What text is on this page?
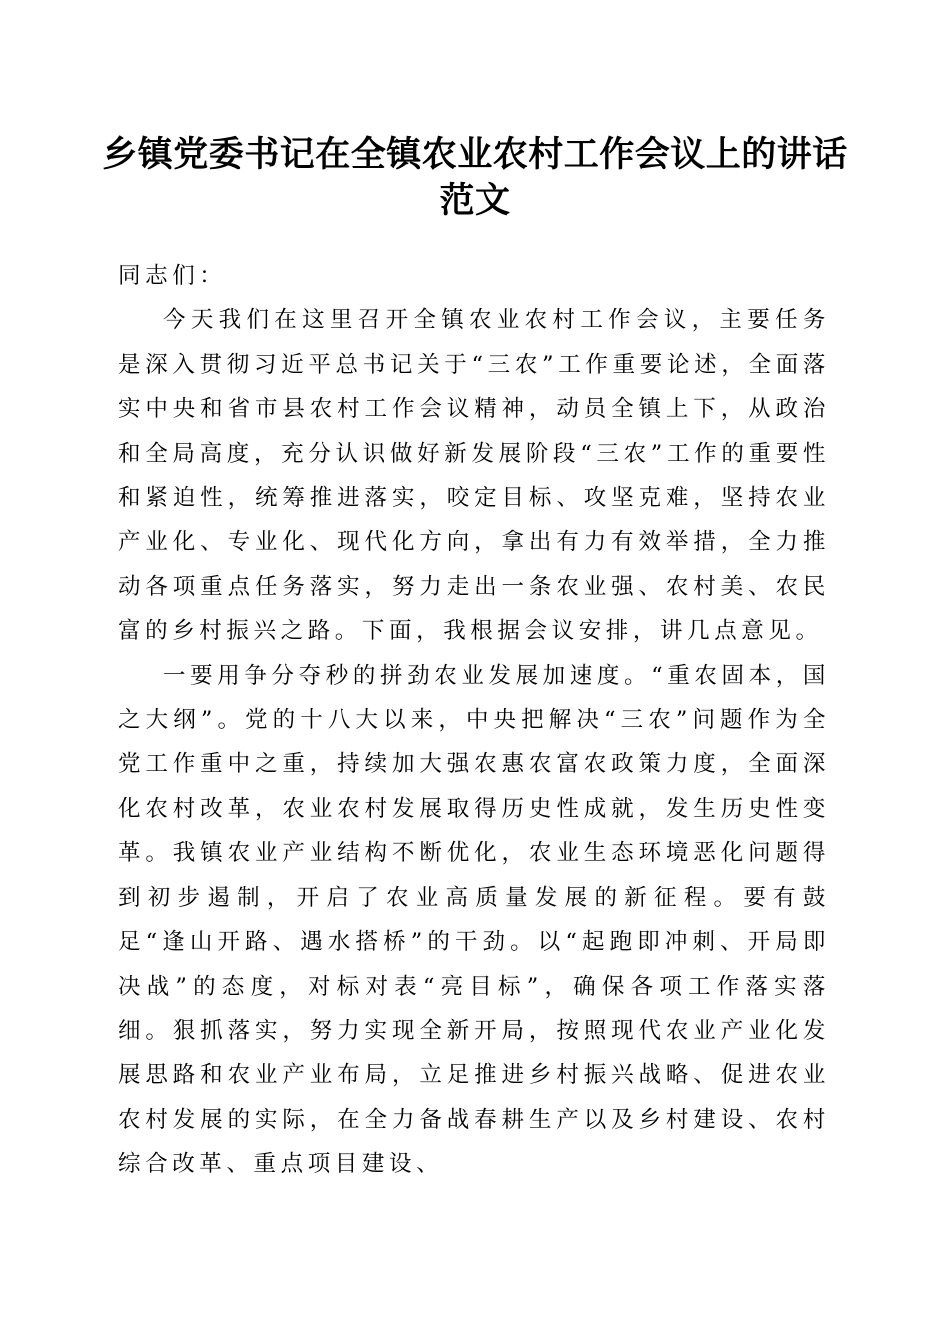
乡镇党委书记在全镇农业农村工作会议上的讲话范文

同志们：

今天我们在这里召开全镇农业农村工作会议，主要任务是深入贯彻习近平总书记关于“三农”工作重要论述，全面落实中央和省市县农村工作会议精神，动员全镇上下，从政治和全局高度，充分认识做好新发展阶段“三农”工作的重要性和紧迫性，统筹推进落实，咬定目标、攻坚克难，坚持农业产业化、专业化、现代化方向，拿出有力有效举措，全力推动各项重点任务落实，努力走出一条农业强、农村美、农民富的乡村振兴之路。下面，我根据会议安排，讲几点意见。

一要用争分夺秒的拼劲农业发展加速度。“重农固本，国之大纲”。党的十八大以来，中央把解决“三农”问题作为全党工作重中之重，持续加大强农惠农富农政策力度，全面深化农村改革，农业农村发展取得历史性成就，发生历史性变革。我镇农业产业结构不断优化，农业生态环境恶化问题得到初步遏制，开启了农业高质量发展的新征程。要有鼓足“逢山开路、遇水搭桥”的干劲。以“起跑即冲刺、开局即决战”的态度，对标对表“亮目标”，确保各项工作落实落细。狠抓落实，努力实现全新开局，按照现代农业产业化发展思路和农业产业布局，立足推进乡村振兴战略、促进农业农村发展的实际，在全力备战春耕生产以及乡村建设、农村综合改革、重点项目建设、
